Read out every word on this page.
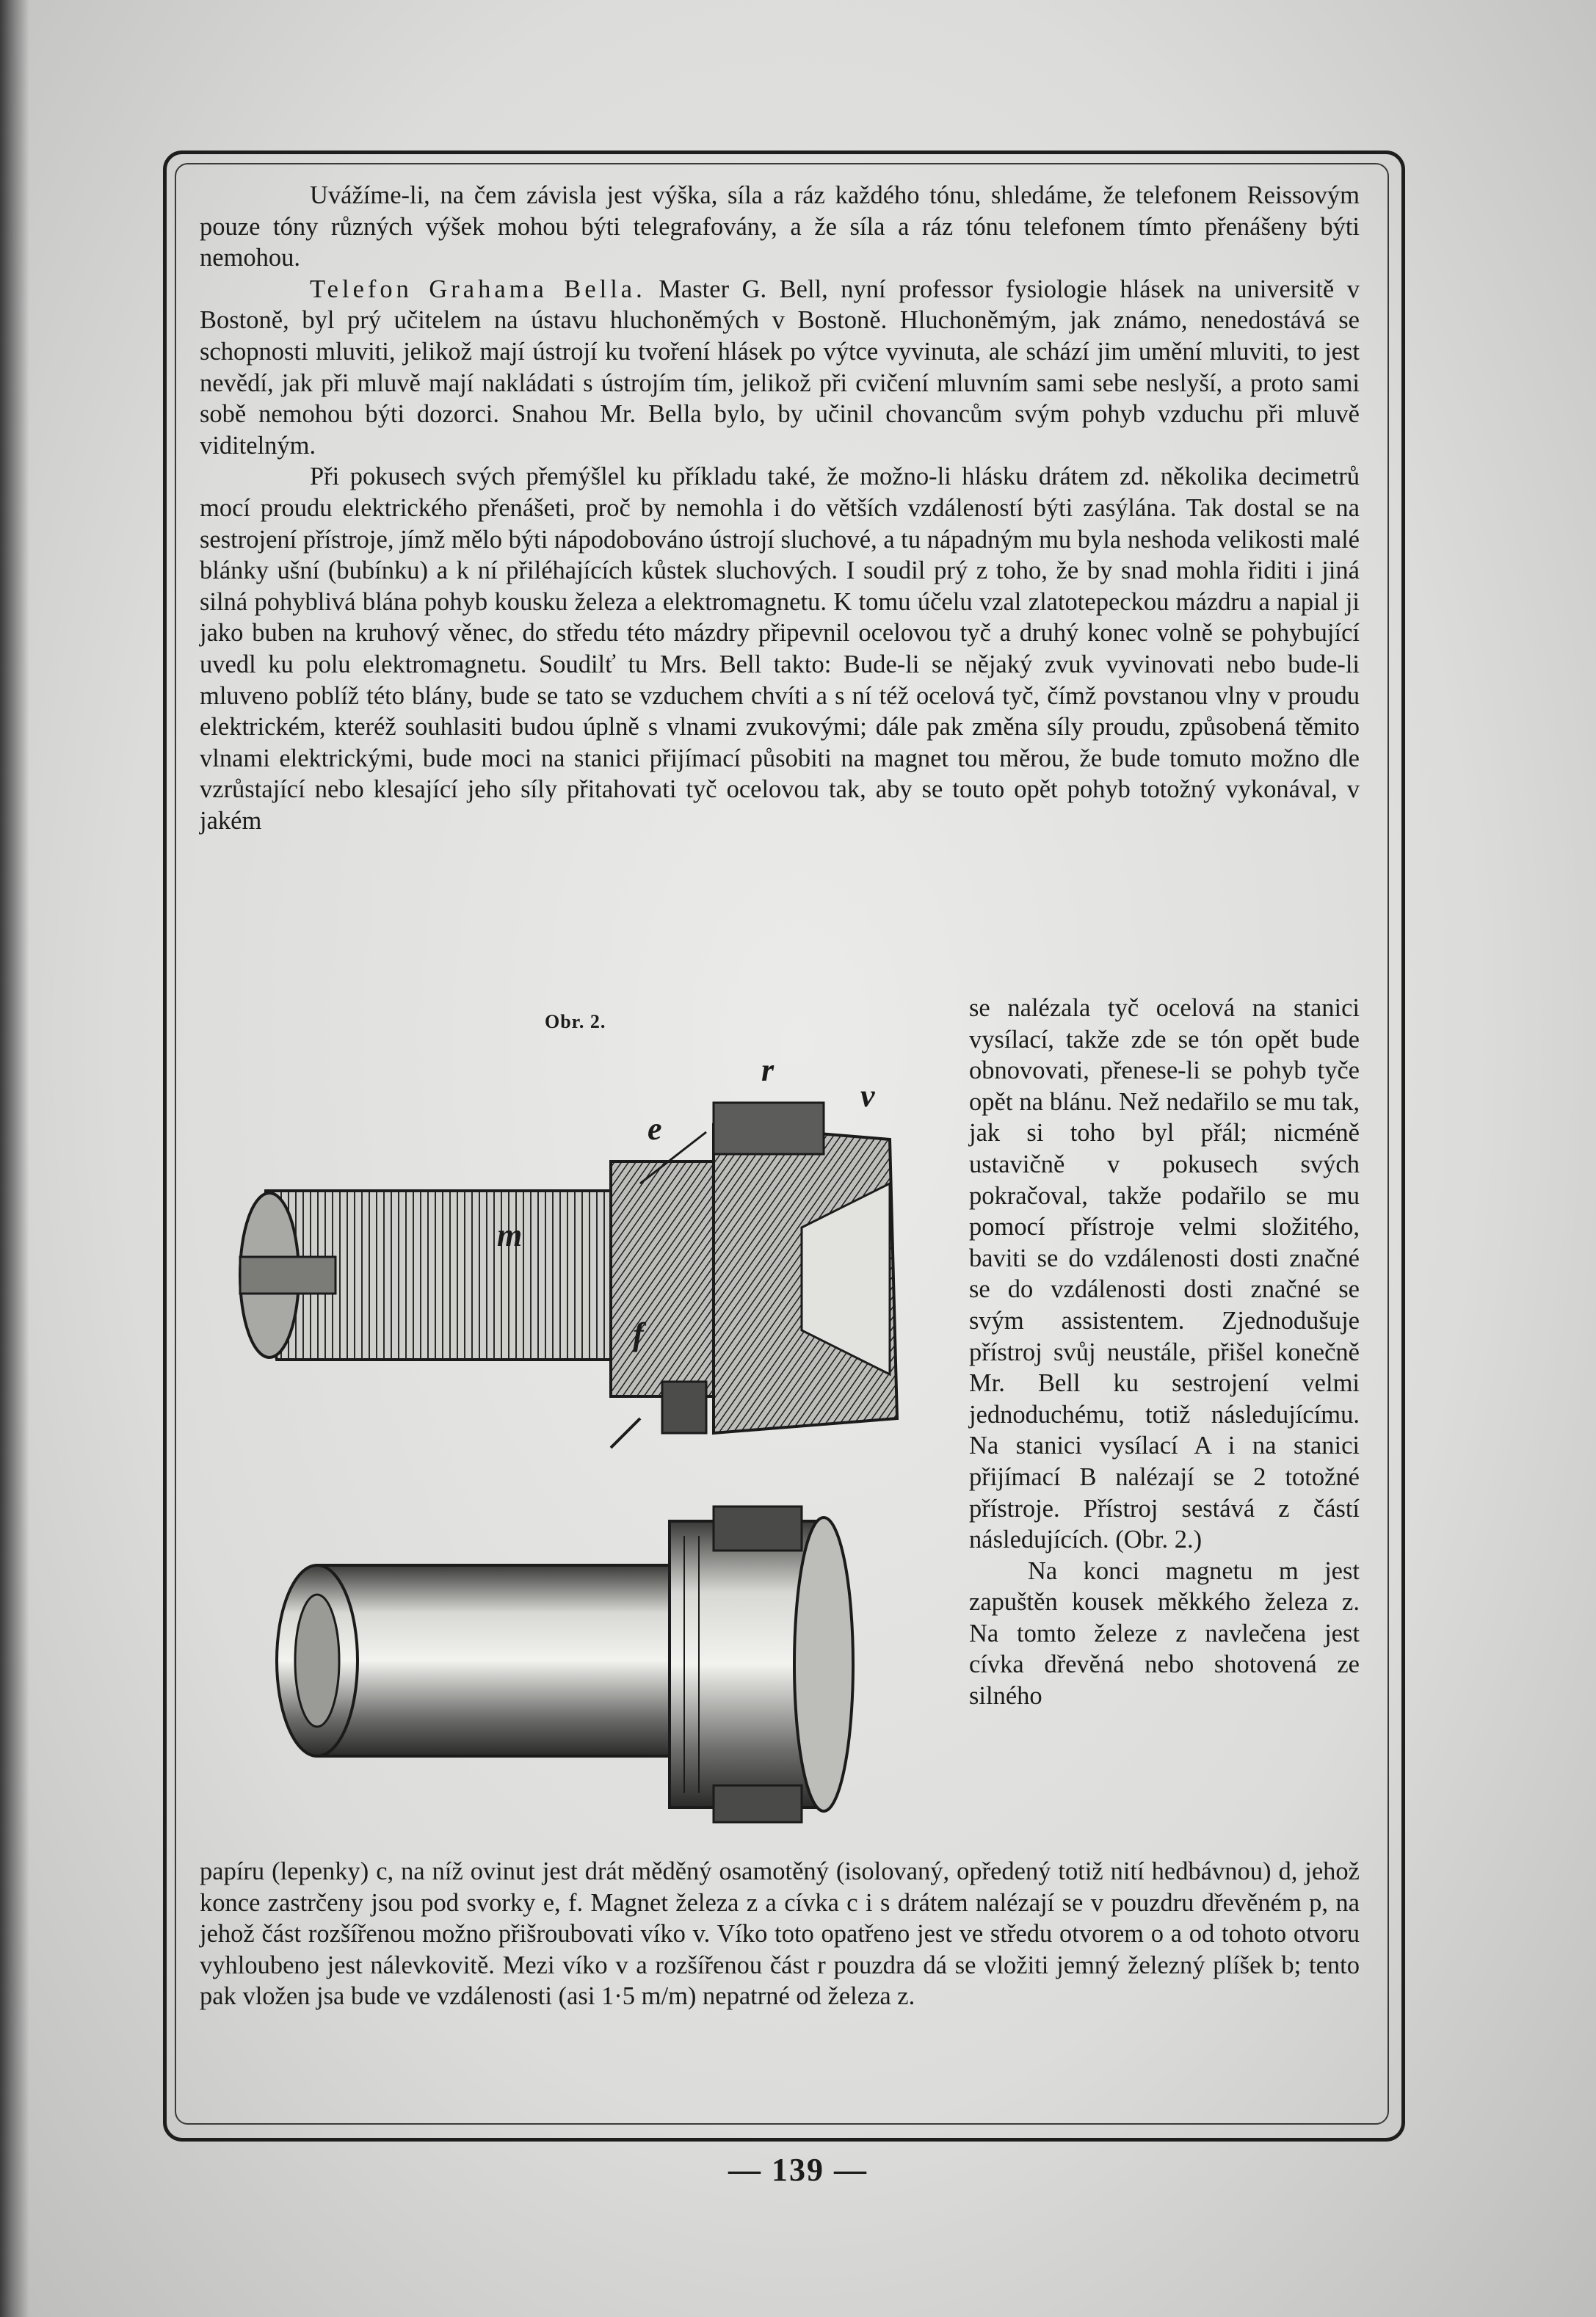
Uvážíme-li, na čem závisla jest výška, síla a ráz každého tónu, shledáme, že telefonem Reissovým pouze tóny různých výšek mohou býti telegrafovány, a že síla a ráz tónu telefonem tímto přenášeny býti nemohou.

Telefon Grahama Bella. Master G. Bell, nyní professor fysiologie hlásek na universitě v Bostoně, byl prý učitelem na ústavu hluchoněmých v Bostoně. Hluchoněmým, jak známo, nenedostává se schopnosti mluviti, jelikož mají ústrojí ku tvoření hlásek po výtce vyvinuta, ale schází jim umění mluviti, to jest nevědí, jak při mluvě mají nakládati s ústrojím tím, jelikož při cvičení mluvním sami sebe neslyší, a proto sami sobě nemohou býti dozorci. Snahou Mr. Bella bylo, by učinil chovancům svým pohyb vzduchu při mluvě viditelným.

Při pokusech svých přemýšlel ku příkladu také, že možno-li hlásku drátem zd. několika decimetrů mocí proudu elektrického přenášeti, proč by nemohla i do větších vzdáleností býti zasýlána. Tak dostal se na sestrojení přístroje, jímž mělo býti nápodobováno ústrojí sluchové, a tu nápadným mu byla neshoda velikosti malé blánky ušní (bubínku) a k ní přiléhajících kůstek sluchových. I soudil prý z toho, že by snad mohla řiditi i jiná silná pohyblivá blána pohyb kousku železa a elektromagnetu. K tomu účelu vzal zlatotepeckou mázdru a napial ji jako buben na kruhový věnec, do středu této mázdry připevnil ocelovou tyč a druhý konec volně se pohybující uvedl ku polu elektromagnetu. Soudilť tu Mrs. Bell takto: Bude-li se nějaký zvuk vyvinovati nebo bude-li mluveno poblíž této blány, bude se tato se vzduchem chvíti a s ní též ocelová tyč, čímž povstanou vlny v proudu elektrickém, kteréž souhlasiti budou úplně s vlnami zvukovými; dále pak změna síly proudu, způsobená těmito vlnami elektrickými, bude moci na stanici přijímací působiti na magnet tou měrou, že bude tomuto možno dle vzrůstající nebo klesající jeho síly přitahovati tyč ocelovou tak, aby se touto opět pohyb totožný vykonával, v jakém

Obr. 2.
r
v
e
m
f

se nalézala tyč ocelová na stanici vysílací, takže zde se tón opět bude obnovovati, přenese-li se pohyb tyče opět na blánu. Než nedařilo se mu tak, jak si toho byl přál; nicméně ustavičně v pokusech svých pokračoval, takže podařilo se mu pomocí přístroje velmi složitého, baviti se do vzdálenosti dosti značné se do vzdálenosti dosti značné se svým assistentem. Zjednodušuje přístroj svůj neustále, přišel konečně Mr. Bell ku sestrojení velmi jednoduchému, totiž následujícímu. Na stanici vysílací A i na stanici přijímací B nalézají se 2 totožné přístroje. Přístroj sestává z částí následujících. (Obr. 2.)

Na konci magnetu m jest zapuštěn kousek měkkého železa z. Na tomto železe z navlečena jest cívka dřevěná nebo shotovená ze silného

papíru (lepenky) c, na níž ovinut jest drát měděný osamotěný (isolovaný, opředený totiž nití hedbávnou) d, jehož konce zastrčeny jsou pod svorky e, f. Magnet železa z a cívka c i s drátem nalézají se v pouzdru dřevěném p, na jehož část rozšířenou možno přišroubovati víko v. Víko toto opatřeno jest ve středu otvorem o a od tohoto otvoru vyhloubeno jest nálevkovitě. Mezi víko v a rozšířenou část r pouzdra dá se vložiti jemný železný plíšek b; tento pak vložen jsa bude ve vzdálenosti (asi 1·5 m/m) nepatrné od železa z.

— 139 —
